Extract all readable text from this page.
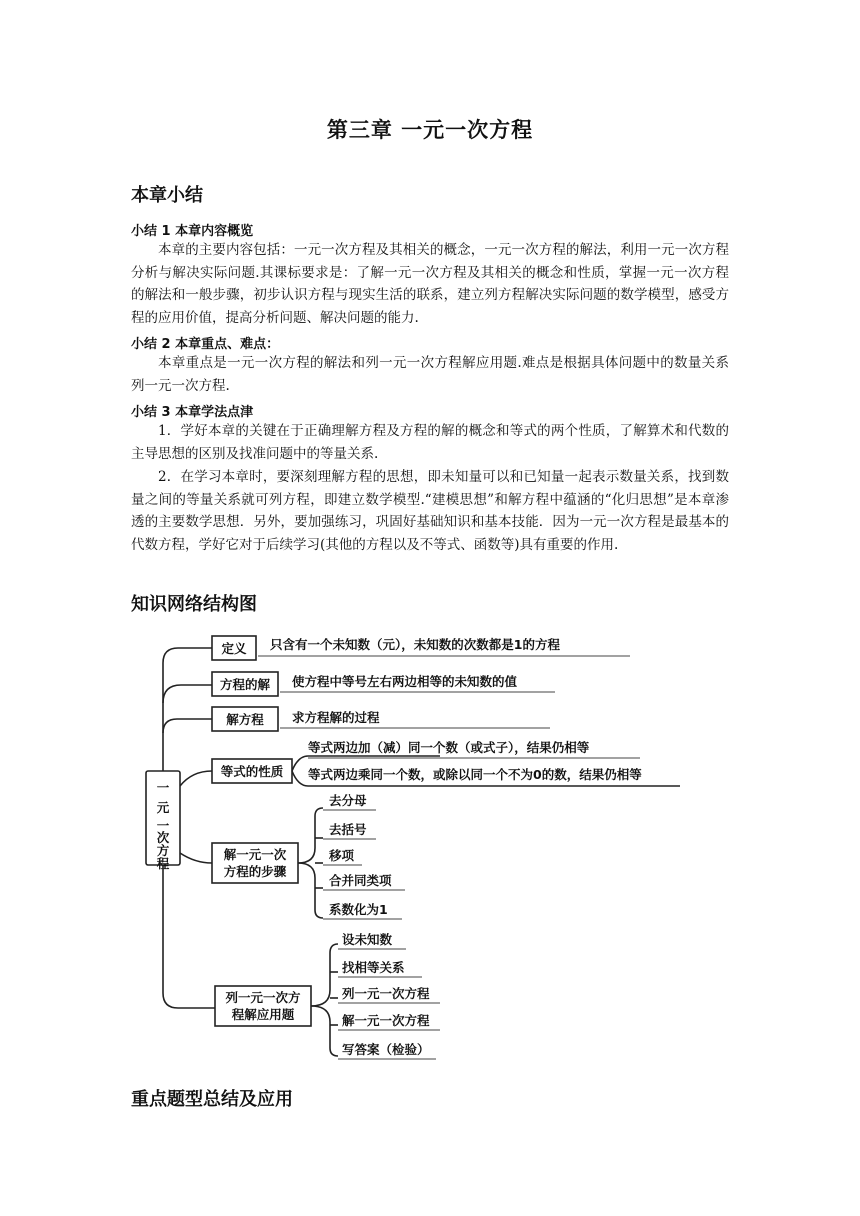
第三章 一元一次方程
本章小结
小结 1 本章内容概览
本章的主要内容包括：一元一次方程及其相关的概念，一元一次方程的解法，利用一元一次方程分析与解决实际问题.其课标要求是：了解一元一次方程及其相关的概念和性质，掌握一元一次方程的解法和一般步骤，初步认识方程与现实生活的联系，建立列方程解决实际问题的数学模型，感受方程的应用价值，提高分析问题、解决问题的能力.
小结 2 本章重点、难点：
本章重点是一元一次方程的解法和列一元一次方程解应用题.难点是根据具体问题中的数量关系列一元一次方程.
小结 3 本章学法点津
1．学好本章的关键在于正确理解方程及方程的解的概念和等式的两个性质，了解算术和代数的主导思想的区别及找准问题中的等量关系.
2．在学习本章时，要深刻理解方程的思想，即未知量可以和已知量一起表示数量关系，找到数量之间的等量关系就可列方程，即建立数学模型.“建模思想”和解方程中蕴涵的“化归思想”是本章渗透的主要数学思想．另外，要加强练习，巩固好基础知识和基本技能．因为一元一次方程是最基本的代数方程，学好它对于后续学习(其他的方程以及不等式、函数等)具有重要的作用.
知识网络结构图
一
元
一
次
方
程
定义 只含有一个未知数（元），未知数的次数都是1的方程
方程的解 使方程中等号左右两边相等的未知数的值
解方程 求方程解的过程
等式的性质
等式两边加（减）同一个数（或式子），结果仍相等
等式两边乘同一个数，或除以同一个不为0的数，结果仍相等
解一元一次
方程的步骤
去分母
去括号
移项
合并同类项
系数化为1
列一元一次方
程解应用题
设未知数
找相等关系
列一元一次方程
解一元一次方程
写答案（检验）
重点题型总结及应用
